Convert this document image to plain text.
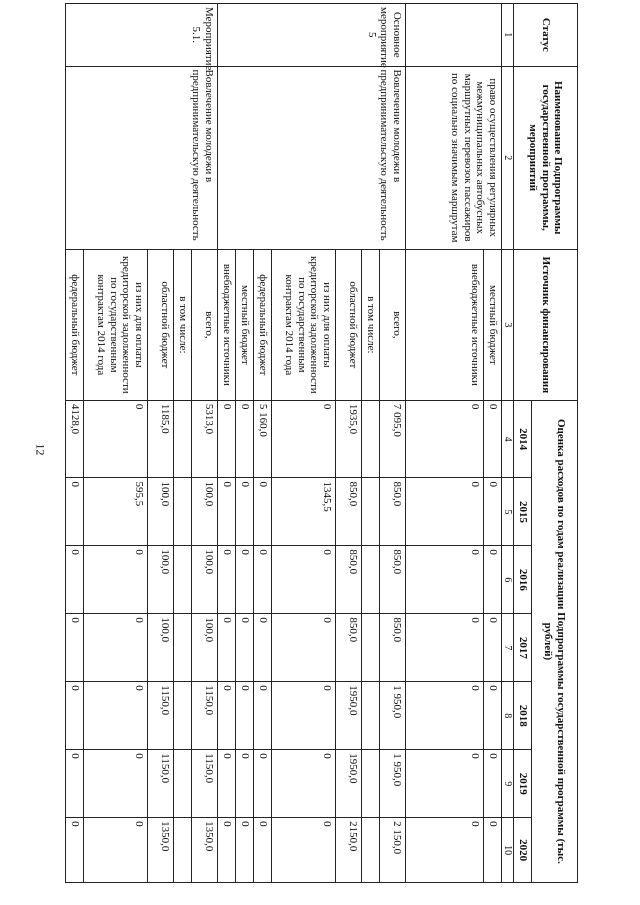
12
Статус	Наименование Подпрограммы государственной программы, мероприятий	Источник финансирования	Оценка расходов по годам реализации Подпрограммы государственной программы (тыс. рублей)						
			2014	2015	2016	2017	2018	2019	2020
1	2	3	4	5	6	7	8	9	10
	право осуществления регулярных межмуниципальных автобусных маршрутных перевозок пассажиров по социально значимым маршрутам	местный бюджет	0	0	0	0	0	0	0
		внебюджетные источники	0	0	0	0	0	0	0
Основное мероприятие 5	Вовлечение молодежи в предпринимательскую деятельность	всего,	7 095,0	850,0	850,0	850,0	1 950,0	1 950,0	2 150,0
		в том числе:							
		областной бюджет	1935,0	850,0	850,0	850,0	1950,0	1950,0	2150,0
		из них для оплаты кредиторской задолженности по государственным контрактам 2014 года	0	1345,5	0	0	0	0	0
		федеральный бюджет	5 160,0	0	0	0	0	0	0
		местный бюджет	0	0	0	0	0	0	0
		внебюджетные источники	0	0	0	0	0	0	0
Мероприятие 5.1.	Вовлечение молодежи в предпринимательскую деятельность	всего,	5313,0	100,0	100,0	100,0	1150,0	1150,0	1350,0
		в том числе:							
		областной бюджет	1185,0	100,0	100,0	100,0	1150,0	1150,0	1350,0
		из них для оплаты кредиторской задолженности по государственным контрактам 2014 года	0	595,5	0	0	0	0	0
		федеральный бюджет	4128,0	0	0	0	0	0	0
